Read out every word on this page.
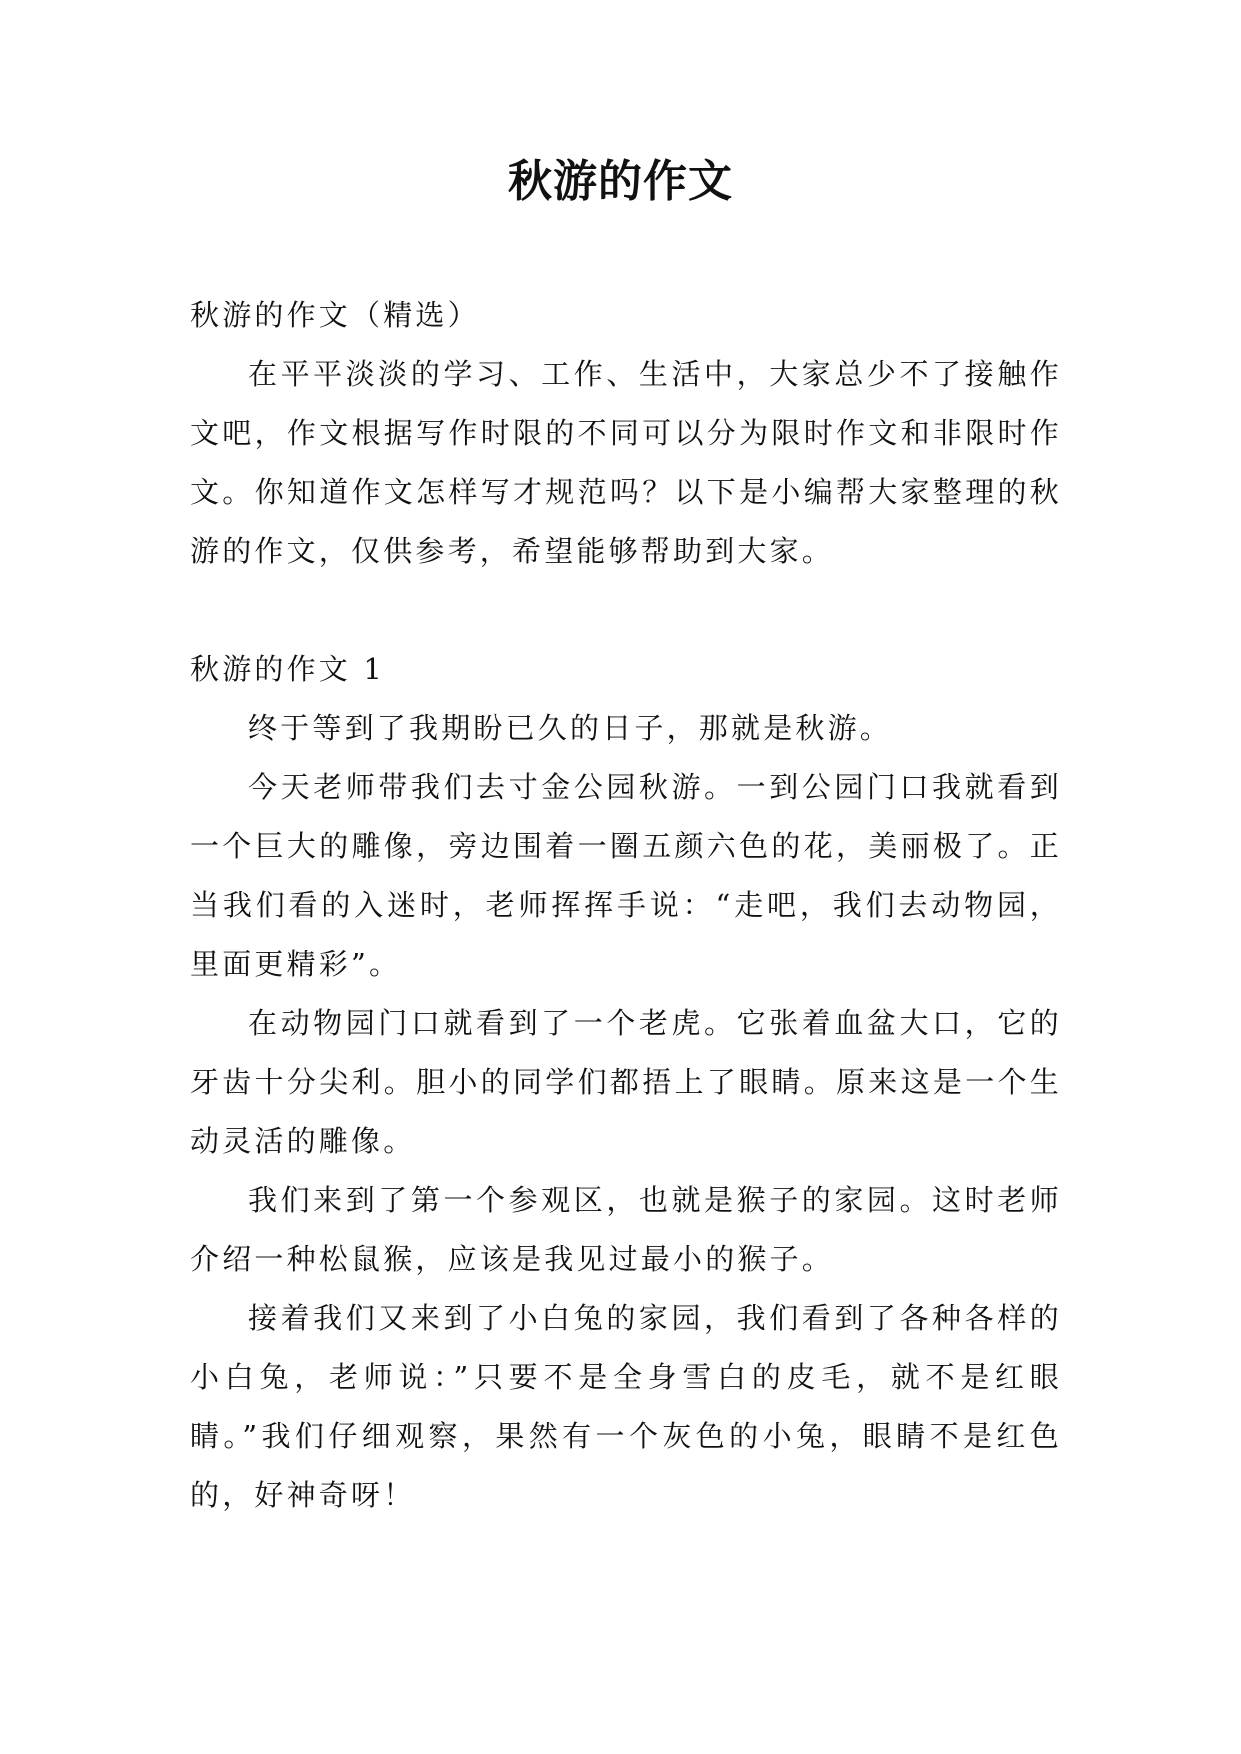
秋游的作文

秋游的作文（精选）

在平平淡淡的学习、工作、生活中，大家总少不了接触作文吧，作文根据写作时限的不同可以分为限时作文和非限时作文。你知道作文怎样写才规范吗？以下是小编帮大家整理的秋游的作文，仅供参考，希望能够帮助到大家。

秋游的作文 1

终于等到了我期盼已久的日子，那就是秋游。

今天老师带我们去寸金公园秋游。一到公园门口我就看到一个巨大的雕像，旁边围着一圈五颜六色的花，美丽极了。正当我们看的入迷时，老师挥挥手说：“走吧，我们去动物园，里面更精彩”。

在动物园门口就看到了一个老虎。它张着血盆大口，它的牙齿十分尖利。胆小的同学们都捂上了眼睛。原来这是一个生动灵活的雕像。

我们来到了第一个参观区，也就是猴子的家园。这时老师介绍一种松鼠猴，应该是我见过最小的猴子。

接着我们又来到了小白兔的家园，我们看到了各种各样的小白兔，老师说：”只要不是全身雪白的皮毛，就不是红眼睛。”我们仔细观察，果然有一个灰色的小兔，眼睛不是红色的，好神奇呀！
